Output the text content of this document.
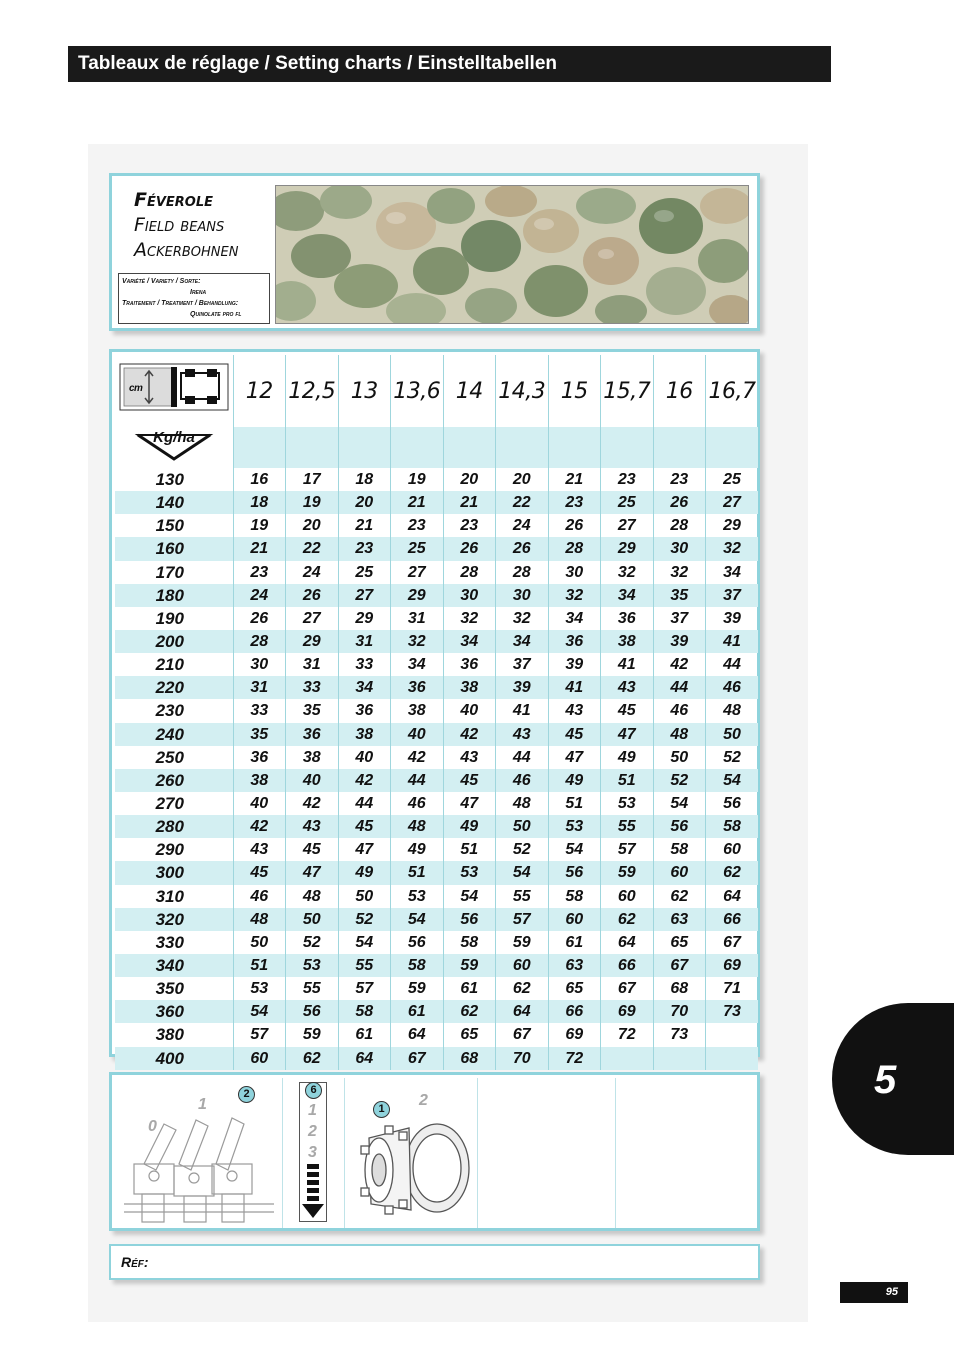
Tableaux de réglage / Setting charts / Einstelltabellen
Féverole
Field beans
Ackerbohnen
Variété / Variety / Sorte:
Irena
Traitement / Treatment / Behandlung:
Quinolate pro fl
cm	12	12,5	13	13,6	14	14,3	15	15,7	16	16,7

Kg/ha										

130	16	17	18	19	20	20	21	23	23	25
140	18	19	20	21	21	22	23	25	26	27
150	19	20	21	23	23	24	26	27	28	29
160	21	22	23	25	26	26	28	29	30	32
170	23	24	25	27	28	28	30	32	32	34
180	24	26	27	29	30	30	32	34	35	37
190	26	27	29	31	32	32	34	36	37	39
200	28	29	31	32	34	34	36	38	39	41
210	30	31	33	34	36	37	39	41	42	44
220	31	33	34	36	38	39	41	43	44	46
230	33	35	36	38	40	41	43	45	46	48
240	35	36	38	40	42	43	45	47	48	50
250	36	38	40	42	43	44	47	49	50	52
260	38	40	42	44	45	46	49	51	52	54
270	40	42	44	46	47	48	51	53	54	56
280	42	43	45	48	49	50	53	55	56	58
290	43	45	47	49	51	52	54	57	58	60
300	45	47	49	51	53	54	56	59	60	62
310	46	48	50	53	54	55	58	60	62	64
320	48	50	52	54	56	57	60	62	63	66
330	50	52	54	56	58	59	61	64	65	67
340	51	53	55	58	59	60	63	66	67	69
350	53	55	57	59	61	62	65	67	68	71
360	54	56	58	61	62	64	66	69	70	73
380	57	59	61	64	65	67	69	72	73	
400	60	62	64	67	68	70	72			
1
0
2	6
1
2
3
1	2
Réf:
5
95
